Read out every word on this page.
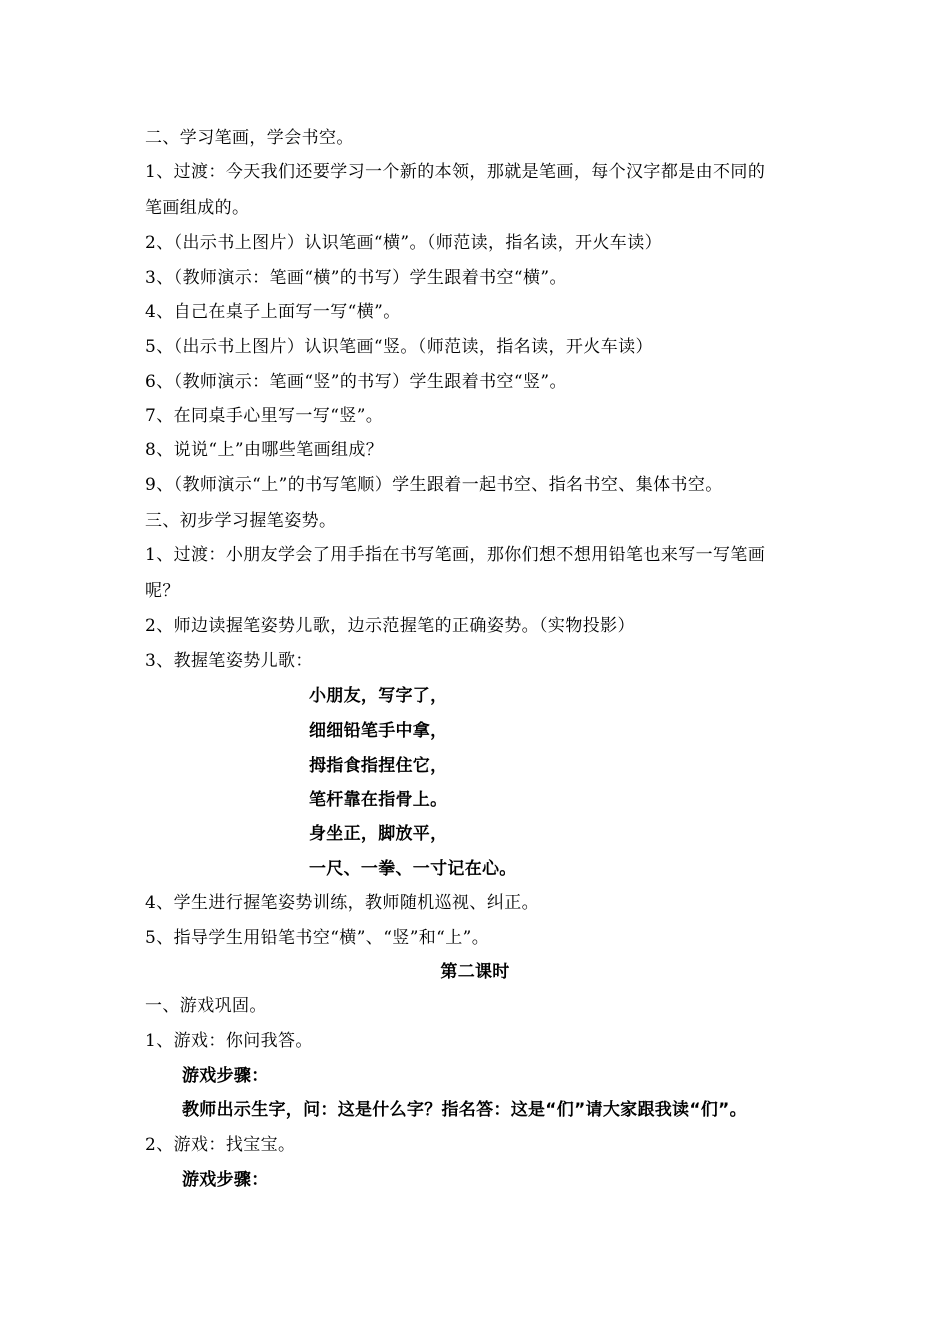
二、学习笔画，学会书空。
1、过渡：今天我们还要学习一个新的本领，那就是笔画，每个汉字都是由不同的
笔画组成的。
2、（出示书上图片）认识笔画“横”。（师范读，指名读，开火车读）
3、（教师演示：笔画“横”的书写）学生跟着书空“横”。
4、自己在桌子上面写一写“横”。
5、（出示书上图片）认识笔画“竖。（师范读，指名读，开火车读）
6、（教师演示：笔画“竖”的书写）学生跟着书空“竖”。
7、在同桌手心里写一写“竖”。
8、说说“上”由哪些笔画组成？
9、（教师演示“上”的书写笔顺）学生跟着一起书空、指名书空、集体书空。
三、初步学习握笔姿势。
1、过渡：小朋友学会了用手指在书写笔画，那你们想不想用铅笔也来写一写笔画
呢？
2、师边读握笔姿势儿歌，边示范握笔的正确姿势。（实物投影）
3、教握笔姿势儿歌：
小朋友，写字了，
细细铅笔手中拿，
拇指食指捏住它，
笔杆靠在指骨上。
身坐正，脚放平，
一尺、一拳、一寸记在心。
4、学生进行握笔姿势训练，教师随机巡视、纠正。
5、指导学生用铅笔书空“横”、“竖”和“上”。
第二课时
一、游戏巩固。
1、游戏：你问我答。
游戏步骤：
教师出示生字，问：这是什么字？指名答：这是“们”请大家跟我读“们”。
2、游戏：找宝宝。
游戏步骤：
